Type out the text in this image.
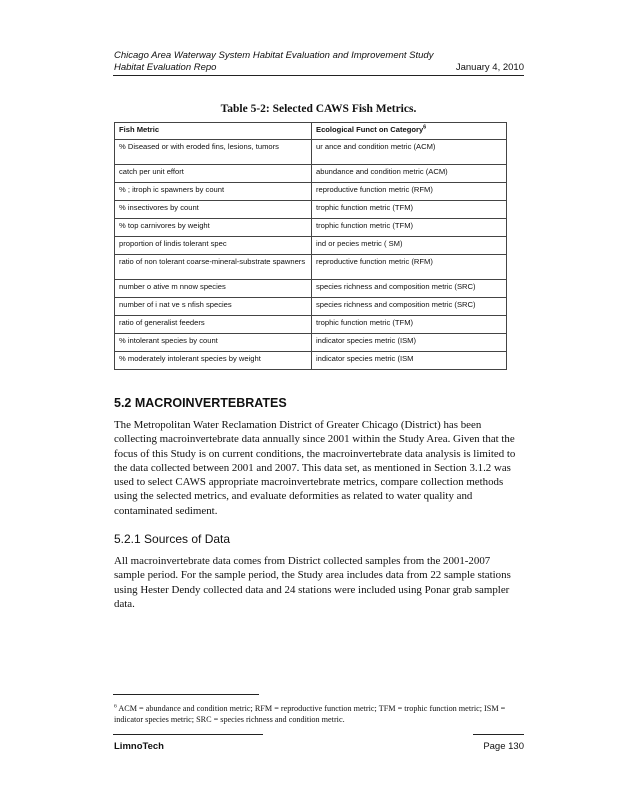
Chicago Area Waterway System Habitat Evaluation and Improvement Study
Habitat Evaluation Repo	January 4, 2010
Table 5-2: Selected CAWS Fish Metrics.
Fish Metric	Ecological Funct on Category$^6$
% Diseased or with eroded fins, lesions, tumors	ur ance and condition metric (ACM)
catch per unit effort	abundance and condition metric (ACM)
% ; itroph ic spawners by count	reproductive function metric (RFM)
% insectivores by count	trophic function metric (TFM)
% top carnivores by weight	trophic function metric (TFM)
proportion of lindis tolerant spec	ind or pecies metric ( SM)
ratio of non tolerant coarse-mineral-substrate spawners	reproductive function metric (RFM)
number o ative m nnow species	species richness and composition metric (SRC)
number of i nat ve s nfish species	species richness and composition metric (SRC)
ratio of generalist feeders	trophic function metric (TFM)
% intolerant species by count	indicator species metric (ISM)
% moderately intolerant species by weight	indicator species metric (ISM
5.2 MACROINVERTEBRATES

The Metropolitan Water Reclamation District of Greater Chicago (District) has been collecting macroinvertebrate data annually since 2001 within the Study Area. Given that the focus of this Study is on current conditions, the macroinvertebrate data analysis is limited to the data collected between 2001 and 2007. This data set, as mentioned in Section 3.1.2 was used to select CAWS appropriate macroinvertebrate metrics, compare collection methods using the selected metrics, and evaluate deformities as related to water quality and contaminated sediment.

5.2.1 Sources of Data

All macroinvertebrate data comes from District collected samples from the 2001-2007 sample period. For the sample period, the Study area includes data from 22 sample stations using Hester Dendy collected data and 24 stations were included using Ponar grab sampler data.

$^6$ ACM = abundance and condition metric; RFM = reproductive function metric; TFM = trophic function metric; ISM = indicator species metric; SRC = species richness and condition metric.

LimnoTech	Page 130
